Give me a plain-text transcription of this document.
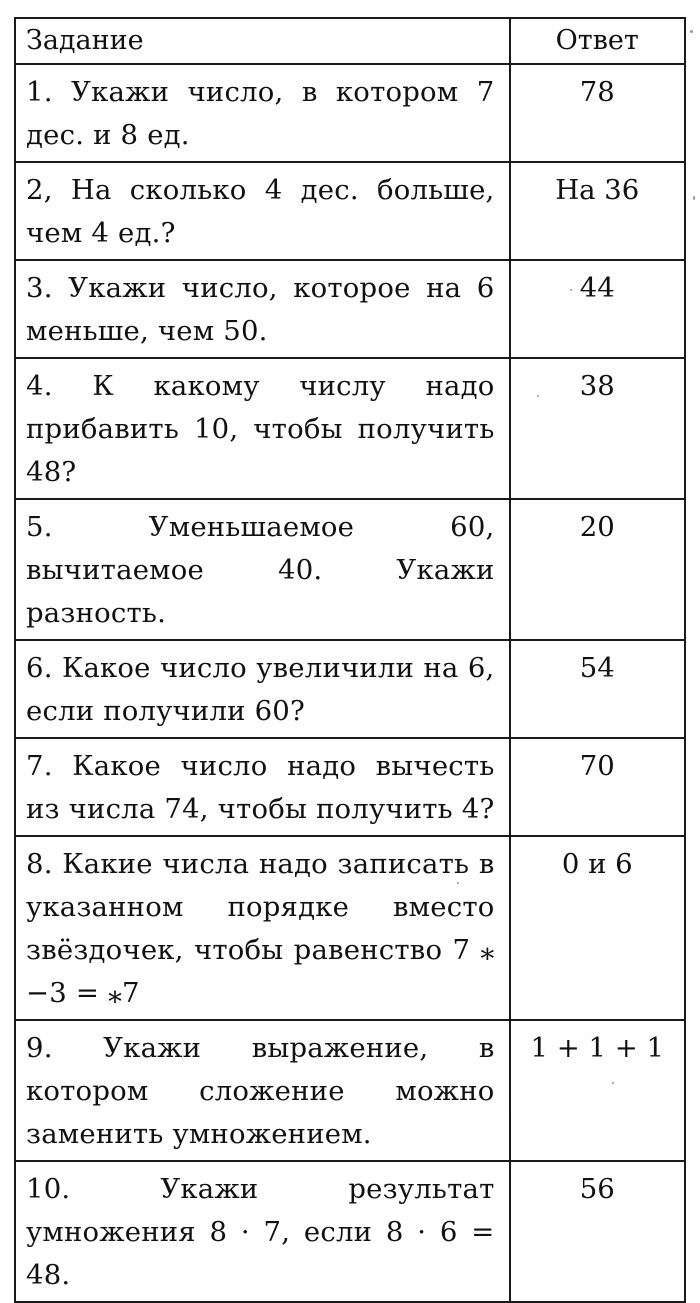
Задание	Ответ
1. Укажи число, в котором 7 дес. и 8 ед.	78
2, На сколько 4 дес. больше, чем 4 ед.?	На 36
3. Укажи число, которое на 6 меньше, чем 50.	44
4. К какому числу надо прибавить 10, чтобы получить 48?	38
5. Уменьшаемое 60, вычитаемое 40. Укажи разность.	20
6. Какое число увеличили на 6, если получили 60?	54
7. Какое число надо вычесть из числа 74, чтобы получить 4?	70
8. Какие числа надо записать в указанном порядке вместо звёздочек, чтобы равенство 7 ⁎ −3 = ⁎7	0 и 6
9. Укажи выражение, в котором сложение можно заменить умножением.	1 + 1 + 1
10. Укажи результат умножения 8 · 7, если 8 · 6 = 48.	56
